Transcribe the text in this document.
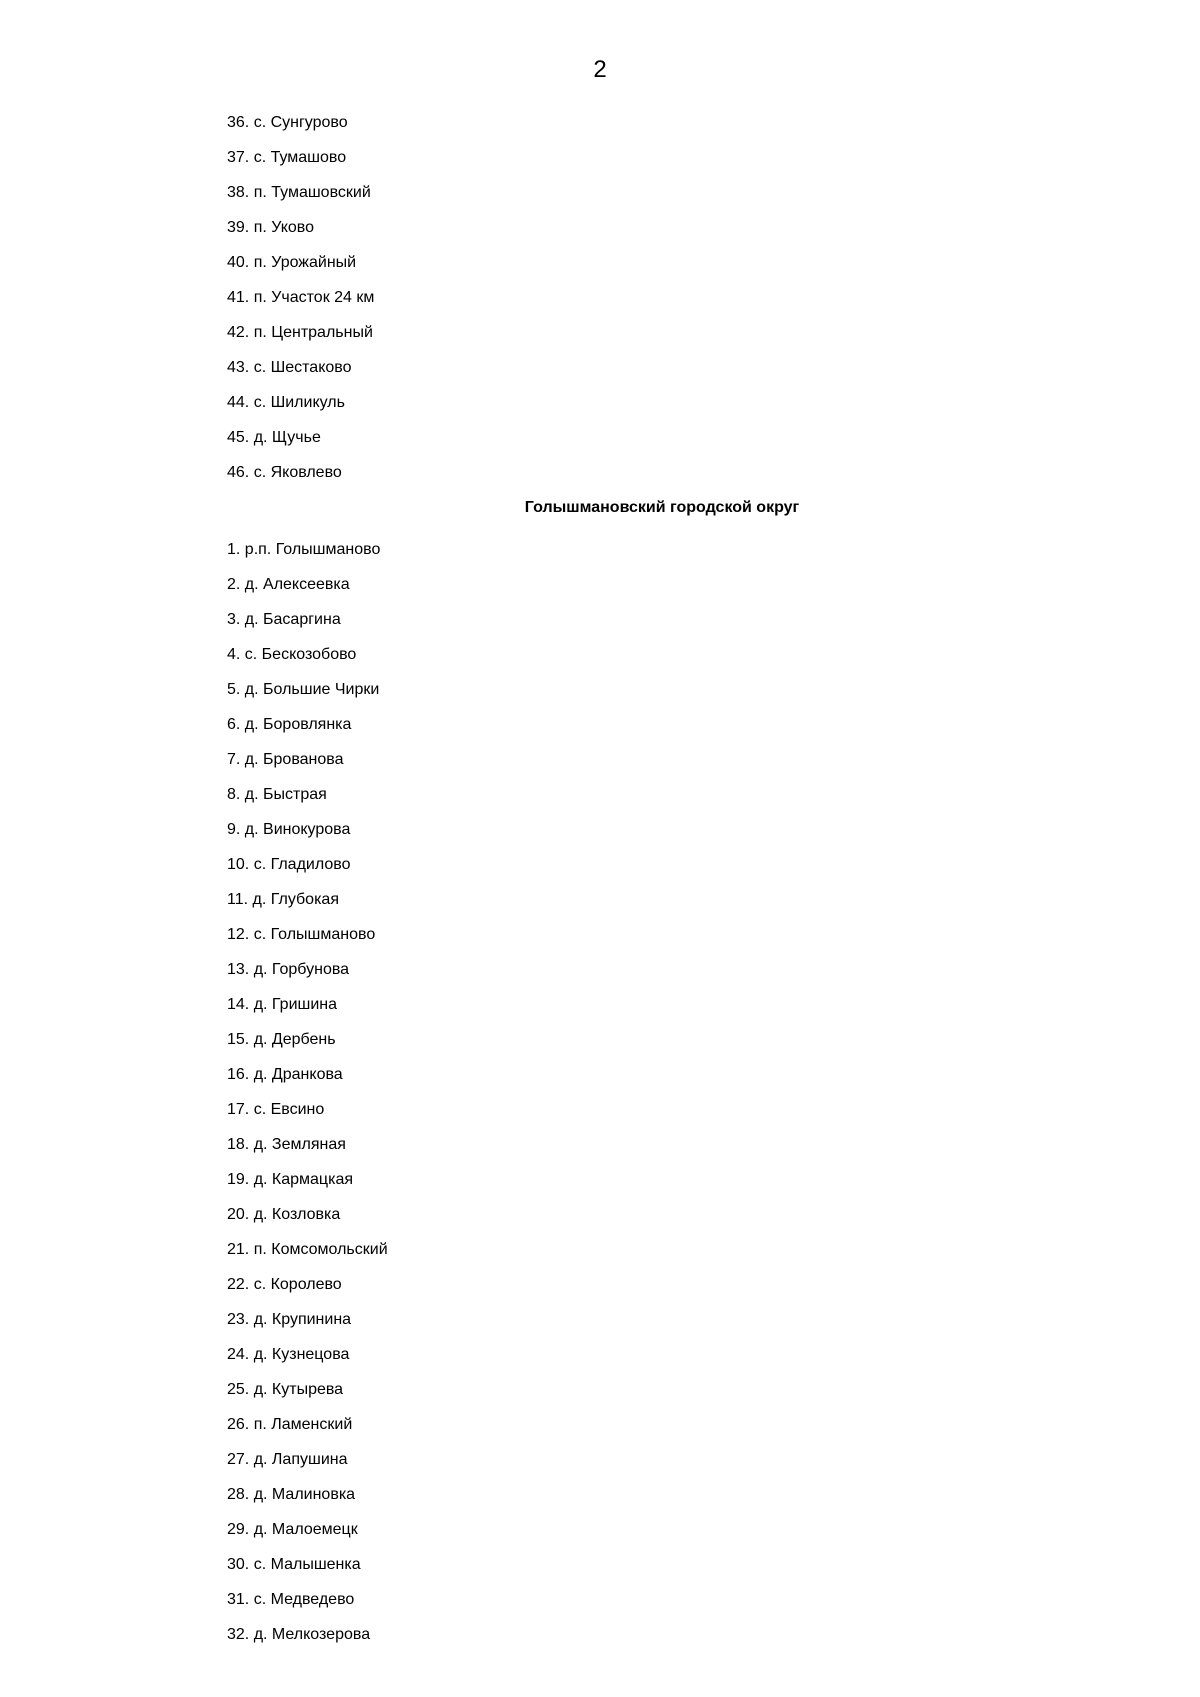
2
36. с. Сунгурово
37. с. Тумашово
38. п. Тумашовский
39. п. Уково
40. п. Урожайный
41. п. Участок 24 км
42. п. Центральный
43. с. Шестаково
44. с. Шиликуль
45. д. Щучье
46. с. Яковлево
Голышмановский городской округ
1. р.п. Голышманово
2. д. Алексеевка
3. д. Басаргина
4. с. Бескозобово
5. д. Большие Чирки
6. д. Боровлянка
7. д. Брованова
8. д. Быстрая
9. д. Винокурова
10. с. Гладилово
11. д. Глубокая
12. с. Голышманово
13. д. Горбунова
14. д. Гришина
15. д. Дербень
16. д. Дранкова
17. с. Евсино
18. д. Земляная
19. д. Кармацкая
20. д. Козловка
21. п. Комсомольский
22. с. Королево
23. д. Крупинина
24. д. Кузнецова
25. д. Кутырева
26. п. Ламенский
27. д. Лапушина
28. д. Малиновка
29. д. Малоемецк
30. с. Малышенка
31. с. Медведево
32. д. Мелкозерова
